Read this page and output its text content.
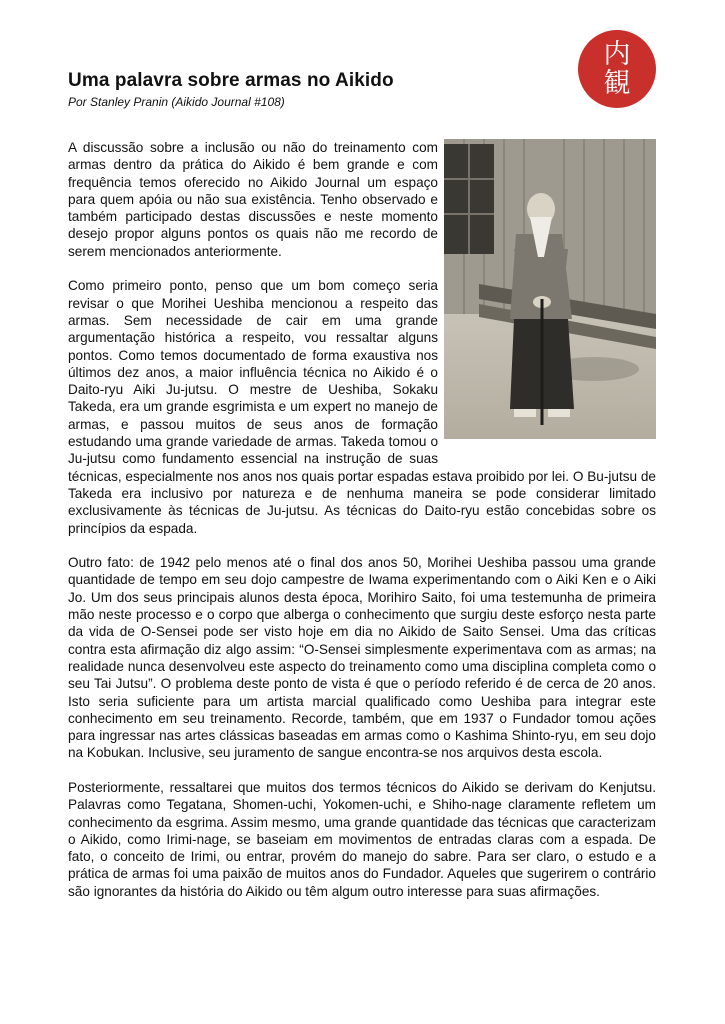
内
観
Uma palavra sobre armas no Aikido

Por Stanley Pranin (Aikido Journal #108)

A discussão sobre a inclusão ou não do treinamento com armas dentro da prática do Aikido é bem grande e com frequência temos oferecido no Aikido Journal um espaço para quem apóia ou não sua existência. Tenho observado e também participado destas discussões e neste momento desejo propor alguns pontos os quais não me recordo de serem mencionados anteriormente.

Como primeiro ponto, penso que um bom começo seria revisar o que Morihei Ueshiba mencionou a respeito das armas. Sem necessidade de cair em uma grande argumentação histórica a respeito, vou ressaltar alguns pontos. Como temos documentado de forma exaustiva nos últimos dez anos, a maior influência técnica no Aikido é o Daito-ryu Aiki Ju-jutsu. O mestre de Ueshiba, Sokaku Takeda, era um grande esgrimista e um expert no manejo de armas, e passou muitos de seus anos de formação estudando uma grande variedade de armas. Takeda tomou o Ju-jutsu como fundamento essencial na instrução de suas técnicas, especialmente nos anos nos quais portar espadas estava proibido por lei. O Bu-jutsu de Takeda era inclusivo por natureza e de nenhuma maneira se pode considerar limitado exclusivamente às técnicas de Ju-jutsu. As técnicas do Daito-ryu estão concebidas sobre os princípios da espada.

Outro fato: de 1942 pelo menos até o final dos anos 50, Morihei Ueshiba passou uma grande quantidade de tempo em seu dojo campestre de Iwama experimentando com o Aiki Ken e o Aiki Jo. Um dos seus principais alunos desta época, Morihiro Saito, foi uma testemunha de primeira mão neste processo e o corpo que alberga o conhecimento que surgiu deste esforço nesta parte da vida de O-Sensei pode ser visto hoje em dia no Aikido de Saito Sensei. Uma das críticas contra esta afirmação diz algo assim: “O-Sensei simplesmente experimentava com as armas; na realidade nunca desenvolveu este aspecto do treinamento como uma disciplina completa como o seu Tai Jutsu”. O problema deste ponto de vista é que o período referido é de cerca de 20 anos. Isto seria suficiente para um artista marcial qualificado como Ueshiba para integrar este conhecimento em seu treinamento. Recorde, também, que em 1937 o Fundador tomou ações para ingressar nas artes clássicas baseadas em armas como o Kashima Shinto-ryu, em seu dojo na Kobukan. Inclusive, seu juramento de sangue encontra-se nos arquivos desta escola.

Posteriormente, ressaltarei que muitos dos termos técnicos do Aikido se derivam do Kenjutsu. Palavras como Tegatana, Shomen-uchi, Yokomen-uchi, e Shiho-nage claramente refletem um conhecimento da esgrima. Assim mesmo, uma grande quantidade das técnicas que caracterizam o Aikido, como Irimi-nage, se baseiam em movimentos de entradas claras com a espada. De fato, o conceito de Irimi, ou entrar, provém do manejo do sabre. Para ser claro, o estudo e a prática de armas foi uma paixão de muitos anos do Fundador. Aqueles que sugerirem o contrário são ignorantes da história do Aikido ou têm algum outro interesse para suas afirmações.
